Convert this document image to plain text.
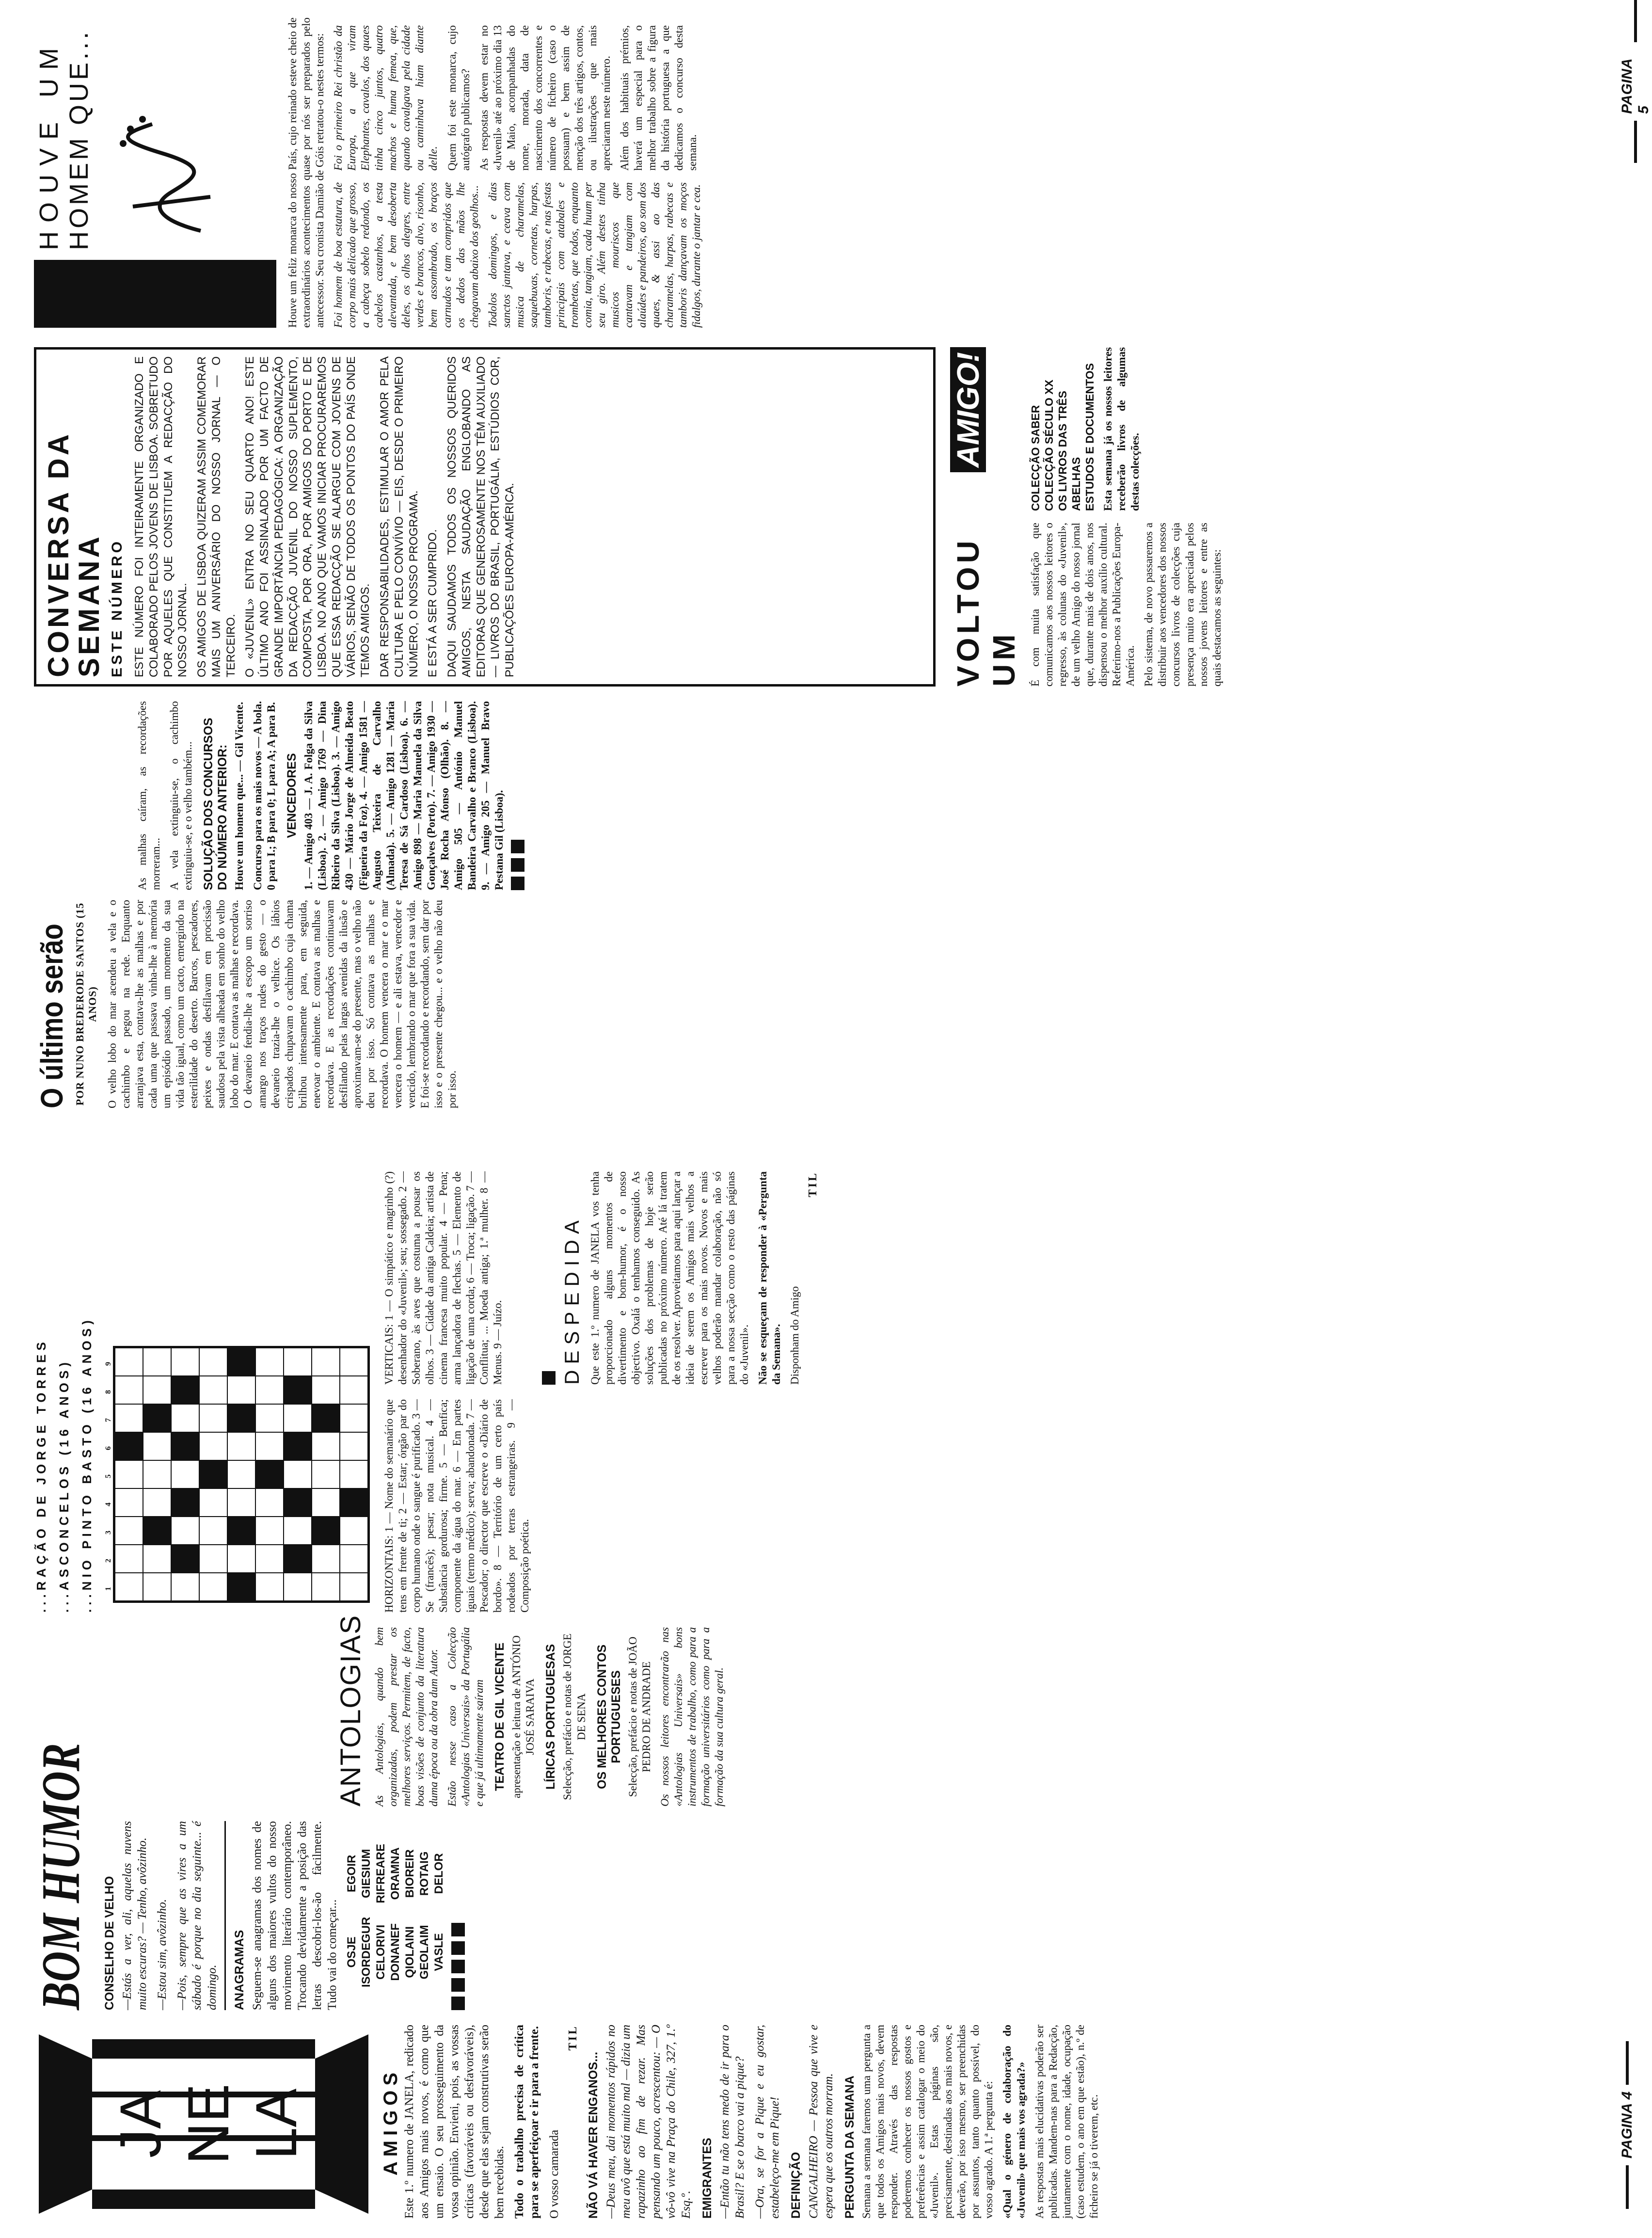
JA NE LA	AMIGOS Este 1.º numero de JANELA, redicado aos Amigos mais novos, é como que um ensaio. O seu prosseguimento da vossa opinião. Envieni, pois, as vossas críticas (favoráveis ou desfavoráveis), desde que elas sejam construtivas serão bem recebidas. Todo o trabalho precisa de crítica para se aperfeiçoar e ir para a frente. O vosso camarada

TIL
NÃO VÁ HAVER ENGANOS... —Deus meu, dai momentos rápidos no meu avô que está muito mal — dizia um rapazinho ao fim de rezar. Mas pensando um pouco, acrescentou: — O vô-vô vive na Praça do Chile, 327, 1.º Esq.º. EMIGRANTES —Então tu não tens medo de ir para o Brasil? E se o barco vai a pique? —Ora, se for a Pique e eu gostar, estabeleço-me em Pique! DEFINIÇÃO CANGALHEIRO — Pessoa que vive e espera que os outros morram. PERGUNTA DA SEMANA Semana a semana faremos uma pergunta a que todos os Amigos mais novos, devem responder. Através das respostas poderemos conhecer os nossos gostos e preferências e assim catalogar o meio do «Juvenil». Estas páginas são, precisamente, destinadas aos mais novos, e deverão, por isso mesmo, ser preenchidas por assuntos, tanto quanto possível, do vosso agrado. A 1.ª pergunta é: «Qual o género de colaboração do «Juvenil» que mais vos agrada?» As respostas mais elucidativas poderão ser publicadas. Mandem-nas para a Redacção, juntamente com o nome, idade, ocupação (caso estudem, o ano em que estão), n.º de ficheiro se já o tiverem, etc.

BOM HUMOR CONSELHO DE VELHO —Estás a ver, ali, aquelas nuvens muito escuras? — Tenho, avôzinho. —Estou sim, avôzinho. —Pois, sempre que as vires a um sábado é porque no dia seguinte... é domingo. ANAGRAMAS Seguem-se anagramas dos nomes de alguns dos maiores vultos do nosso movimento literário contemporâneo. Trocando devidamente a posição das letras descobri-los-ão fàcilmente. Tudo vai do começar... OSJE	EGOIR
ISORDEGUR	GIESIUM
CELORIVI	RIFREARE
DONANEF	ORAMNA
QIOLAINI	BIOREIR
GEOLAIM	ROTAIG
VASLE	DELOR
ANTOLOGIAS As Antologias, quando bem organizadas, podem prestar os melhores serviços. Permitem, de facto, boas visões de conjunto da literatura duma época ou da obra dum Autor. Estão nesse caso a Colecção «Antologias Universais» da Portugália e que já ultimamente saíram TEATRO DE GIL VICENTE apresentação e leitura de ANTÓNIO JOSÉ SARAIVA LÍRICAS PORTUGUESAS Selecção, prefácio e notas de JORGE DE SENA OS MELHORES CONTOS PORTUGUESES Selecção, prefácio e notas de JOÃO PEDRO DE ANDRADE Os nossos leitores encontrarão nas «Antologias Universais» bons instrumentos de trabalho, como para a formação universitários como para a formação da sua cultura geral.

...RAÇÃO DE JORGE TORRES ...ASCONCELOS (16 ANOS) ...NIO PINTO BASTO (16 ANOS) 1
2
3
4
5
6
7
8
9

HORIZONTAIS: 1 — Nome do semanário que tens em frente de ti; 2 — Estar; órgão par do corpo humano onde o sangue é purificado. 3 — Se (francês); pesar; nota musical. 4 — Substância gordurosa; firme. 5 — Benfica; componente da água do mar. 6 — Em partes iguais (termo médico); serva; abandonada. 7 — Pescador; o director que escreve o «Diário de bordo». 8 — Território de um certo país rodeados por terras estrangeiras. 9 — Composição poética.

VERTICAIS: 1 — O simpático e magrinho (?) desenhador do «Juvenil»; seu; sossegado. 2 — Soberano, às aves que costuma a pousar os olhos. 3 — Cidade da antiga Caldeia; artista de cinema francesa muito popular. 4 — Pena; arma lançadora de flechas. 5 — Elemento de ligação de uma corda; 6 — Troca; ligação. 7 — Conflitua; ... Moeda antiga; 1.ª mulher. 8 — Menus. 9 — Juízo.	DESPEDIDA Que este 1.º numero de JANELA vos tenha proporcionado alguns momentos de divertimento e bom-humor, é o nosso objectivo. Oxalá o tenhamos conseguido. As soluções dos problemas de hoje serão publicadas no próximo número. Até lá tratem de os resolver. Aproveitamos para aqui lançar a ideia de serem os Amigos mais velhos a escrever para os mais novos. Novos e mais velhos poderão mandar colaboração, não só para a nossa secção como o resto das páginas do «Juvenil». Não se esqueçam de responder à «Pergunta da Semana». Disponham do Amigo

TIL
PAGINA 4
O último serão POR NUNO BREDERODE SANTOS (15 ANOS) O velho lobo do mar acendeu a vela e o cachimbo e pegou na rede. Enquanto arranjava esta, contava-lhe as malhas e por cada uma que passava vinha-lhe à memória um episódio passado, um momento da sua vida tão igual, como um cacto, emergindo na esterilidade do deserto. Barcos, pescadores, peixes e ondas desfilavam em procissão saudosa pela vista alheada em sonho do velho lobo do mar. E contava as malhas e recordava. O devaneio fendia-lhe a escopo um sorriso amargo nos traços rudes do gesto — o devaneio trazia-lhe o velhice. Os lábios crispados chupavam o cachimbo cuja chama brilhou intensamente para, em seguida, enevoar o ambiente. E contava as malhas e recordava. E as recordações continuavam desfilando pelas largas avenidas da ilusão e aproximavam-se do presente, mas o velho não deu por isso. Só contava as malhas e recordava. O homem vencera o mar e o mar vencera o homem — e ali estava, vencedor e vencido, lembrando o mar que fora a sua vida. E foi-se recordando e recordando, sem dar por isso e o presente chegou... e o velho não deu por isso.

As malhas caíram, as recordações morreram... A vela extinguiu-se, o cachimbo extinguiu-se, e o velho também... SOLUÇÃO DOS CONCURSOS DO NÚMERO ANTERIOR: Houve um homem que... — Gil Vicente. Concurso para os mais novos — A bola. 0 para I.; B para 0; L para A; A para B. VENCEDORES 1. — Amigo 403 — J. A. Folga da Silva (Lisboa). 2. — Amigo 1769 — Dina Ribeiro da Silva (Lisboa). 3. — Amigo 430 — Mário Jorge de Almeida Beato (Figueira da Foz). 4. — Amigo 1581 — Augusto Teixeira de Carvalho (Almada). 5. — Amigo 1281 — Maria Teresa de Sá Cardoso (Lisboa). 6. — Amigo 898 — Maria Manuela da Silva Gonçalves (Porto). 7. — Amigo 1930 — José Rocha Afonso (Olhão). 8. — Amigo 505 — António Manuel Bandeira Carvalho e Branco (Lisboa). 9. — Amigo 205 — Manuel Bravo Pestana Gil (Lisboa).

VOLTOU UM
AMIGO!

É com muita satisfação que comunicamos aos nossos leitores o regresso, às colunas do «Juvenil», de um velho Amigo do nosso jornal que, durante mais de dois anos, nos dispensou o melhor auxílio cultural. Referimo-nos a Publicações Europa-América. Pelo sistema, de novo passaremos a distribuir aos vencedores dos nossos concursos livros de colecções cuja presença muito era apreciada pelos nossos jovens leitores e entre as quais destacamos as seguintes:

COLECÇÃO SABER COLECÇÃO SÉCULO XX OS LIVROS DAS TRÊS ABELHAS ESTUDOS E DOCUMENTOS Esta semana já os nossos leitores receberão livros de algumas destas colecções.

CONVERSA DA SEMANA ESTE NÚMERO ESTE NÚMERO FOI INTEIRAMENTE ORGANIZADO E COLABORADO PELOS JOVENS DE LISBOA. SOBRETUDO POR AQUELES QUE CONSTITUEM A REDACÇÃO DO NOSSO JORNAL. OS AMIGOS DE LISBOA QUIZERAM ASSIM COMEMORAR MAIS UM ANIVERSÁRIO DO NOSSO JORNAL — O TERCEIRO. O «JUVENIL» ENTRA NO SEU QUARTO ANO! ESTE ÚLTIMO ANO FOI ASSINALADO POR UM FACTO DE GRANDE IMPORTÂNCIA PEDAGÓGICA: A ORGANIZAÇÃO DA REDACÇÃO JUVENIL DO NOSSO SUPLEMENTO, COMPOSTA, POR ORA, POR AMIGOS DO PORTO E DE LISBOA. NO ANO QUE VAMOS INICIAR PROCURAREMOS QUE ESSA REDACÇÃO SE ALARGUE COM JOVENS DE VÁRIOS, SENÃO DE TODOS OS PONTOS DO PAÍS ONDE TEMOS AMIGOS. DAR RESPONSABILIDADES, ESTIMULAR O AMOR PELA CULTURA E PELO CONVÍVIO — EIS, DESDE O PRIMEIRO NÚMERO, O NOSSO PROGRAMA. E ESTÁ A SER CUMPRIDO. DAQUI SAUDAMOS TODOS OS NOSSOS QUERIDOS AMIGOS, NESTA SAUDAÇÃO ENGLOBANDO AS EDITORAS QUE GENEROSAMENTE NOS TÊM AUXILIADO — LIVROS DO BRASIL, PORTUGÁLIA, ESTÚDIOS COR, PUBLICAÇÕES EUROPA-AMÉRICA.

HOUVE UM HOMEM QUE...	Houve um feliz monarca do nosso País, cujo reinado esteve cheio de extraordinários acontecimentos quase por nós ser preparados pelo antecessor. Seu cronista Damião de Góis retratou-o nestes termos: Foi homem de boa estatura, de corpo mais delicado que grosso, a cabeça sobelo redondo, os cabelos castanhos, a testa alevantada, e bem desoberta deles, os olhos alegres, entre verdes e brancos, alvo, risonho, bem assombrado, os braços carnudos e tam compridos que os dedos das mãos lhe chegavam abaixo dos geolhos... Todolos domingos, e dias sanctos jantava, e ceava com musica de charamelas, saquebuxas, cornetas, harpas, tamboris, e rabecas, e nas festas principais com atabales e trombetas, que todos, enquanto comia, tangiam, cada huum per seu giro. Além destes tinha musicos mouriscos que cantavam e tangiam com alaúdes e pandeiros, ao som dos quaes, & assi ao das charamelas, harpas, rabecas e tamboris dançavam os moços fidalgos, durante o jantar e cea.

Foi o primeiro Rei christão da Europa, a que viram Elephantes, cavalos, dos quaes tinha cinco juntos, quatro machos e huma femea, que, quando cavalgava pela cidade ou caminhava hiam diante delle. Quem foi este monarca, cujo autógrafo publicamos? As respostas devem estar no «Juvenil» até ao próximo dia 13 de Maio, acompanhadas do nome, morada, data de nascimento dos concorrentes e número de ficheiro (caso o possuam) e bem assim de menção dos três artigos, contos, ou ilustrações que mais apreciaram neste número. Além dos habituais prémios, haverá um especial para o melhor trabalho sobre a figura da história portuguesa a que dedicamos o concurso desta semana.

PAGINA 5
